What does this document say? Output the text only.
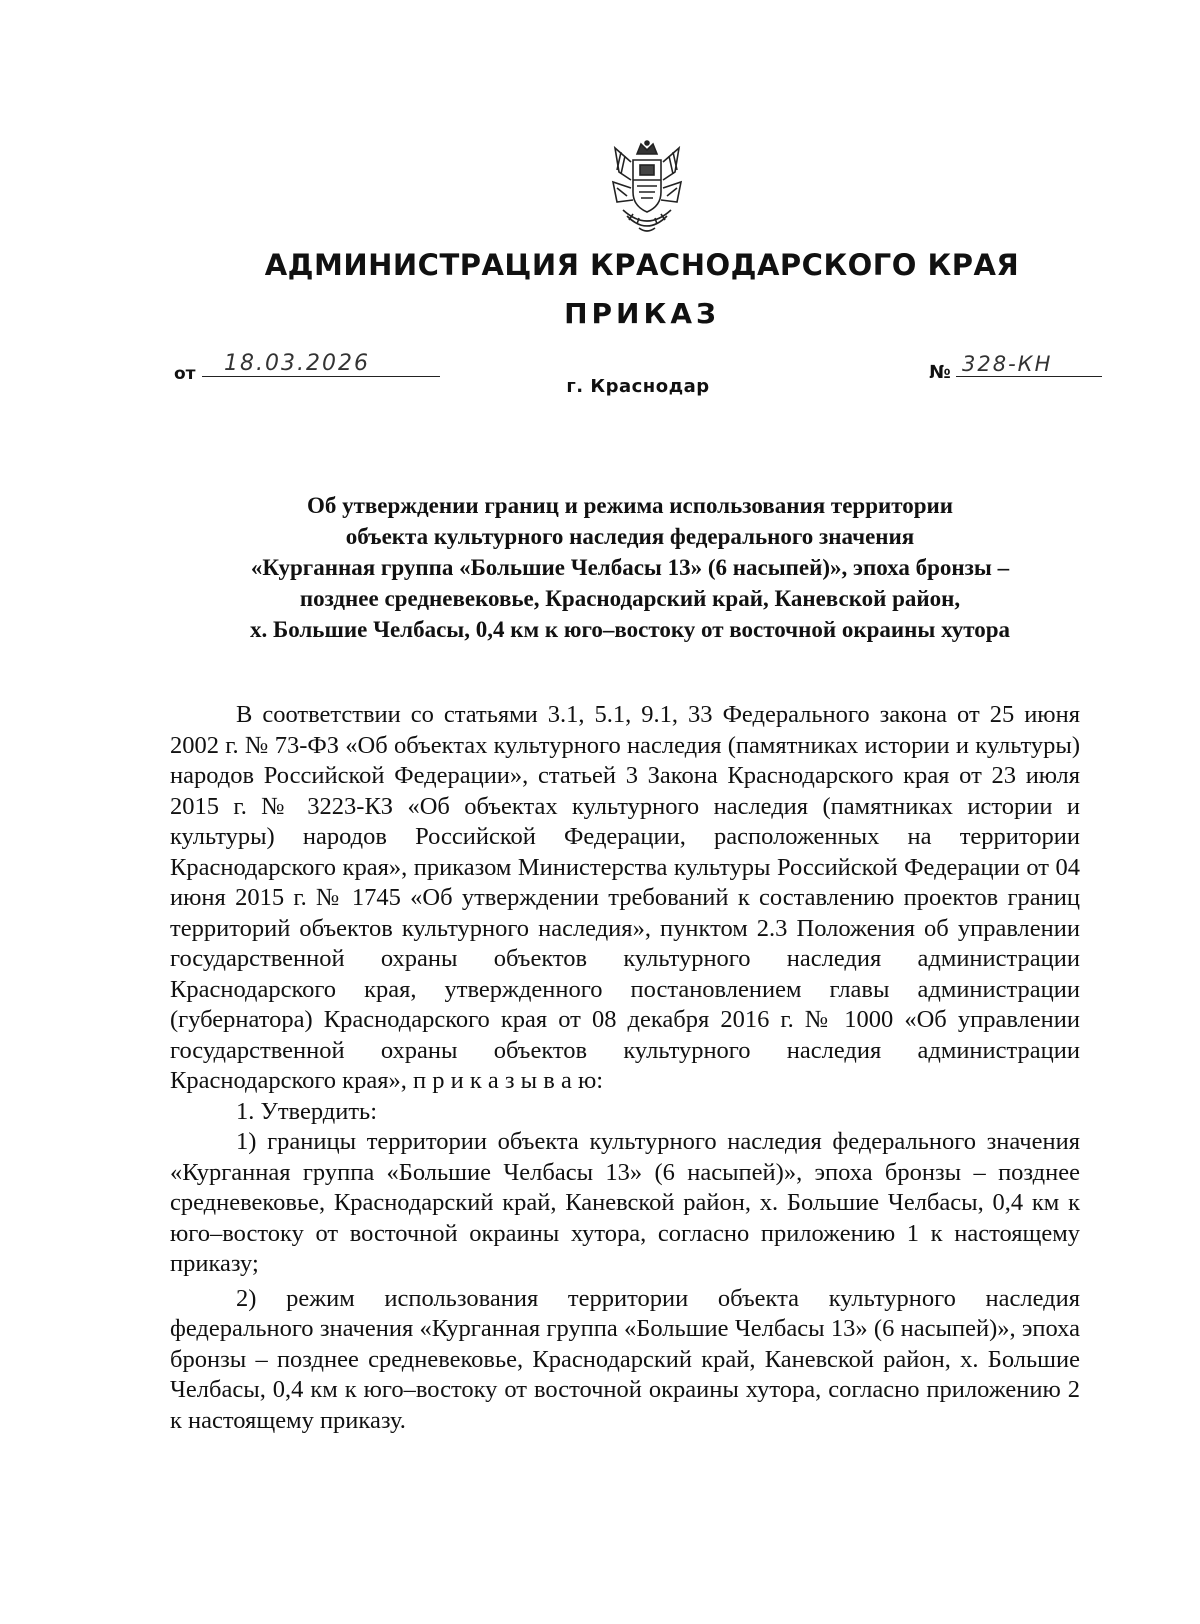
АДМИНИСТРАЦИЯ КРАСНОДАРСКОГО КРАЯ
ПРИКАЗ
от 18.03.2026	№ 328-КН
г. Краснодар
Об утверждении границ и режима использования территории
объекта культурного наследия федерального значения
«Курганная группа «Большие Челбасы 13» (6 насыпей)», эпоха бронзы –
позднее средневековье, Краснодарский край, Каневской район,
х. Большие Челбасы, 0,4 км к юго–востоку от восточной окраины хутора

В соответствии со статьями 3.1, 5.1, 9.1, 33 Федерального закона от 25 июня 2002 г. № 73-ФЗ «Об объектах культурного наследия (памятниках истории и культуры) народов Российской Федерации», статьей 3 Закона Краснодарского края от 23 июля 2015 г. № 3223-КЗ «Об объектах культурного наследия (памятниках истории и культуры) народов Российской Федерации, расположенных на территории Краснодарского края», приказом Министерства культуры Российской Федерации от 04 июня 2015 г. № 1745 «Об утверждении требований к составлению проектов границ территорий объектов культурного наследия», пунктом 2.3 Положения об управлении государственной охраны объектов культурного наследия администрации Краснодарского края, утвержденного постановлением главы администрации (губернатора) Краснодарского края от 08 декабря 2016 г. № 1000 «Об управлении государственной охраны объектов культурного наследия администрации Краснодарского края», п р и к а з ы в а ю:

1. Утвердить:

1) границы территории объекта культурного наследия федерального значения «Курганная группа «Большие Челбасы 13» (6 насыпей)», эпоха бронзы – позднее средневековье, Краснодарский край, Каневской район, х. Большие Челбасы, 0,4 км к юго–востоку от восточной окраины хутора, согласно приложению 1 к настоящему приказу;

2) режим использования территории объекта культурного наследия федерального значения «Курганная группа «Большие Челбасы 13» (6 насыпей)», эпоха бронзы – позднее средневековье, Краснодарский край, Каневской район, х. Большие Челбасы, 0,4 км к юго–востоку от восточной окраины хутора, согласно приложению 2 к настоящему приказу.
